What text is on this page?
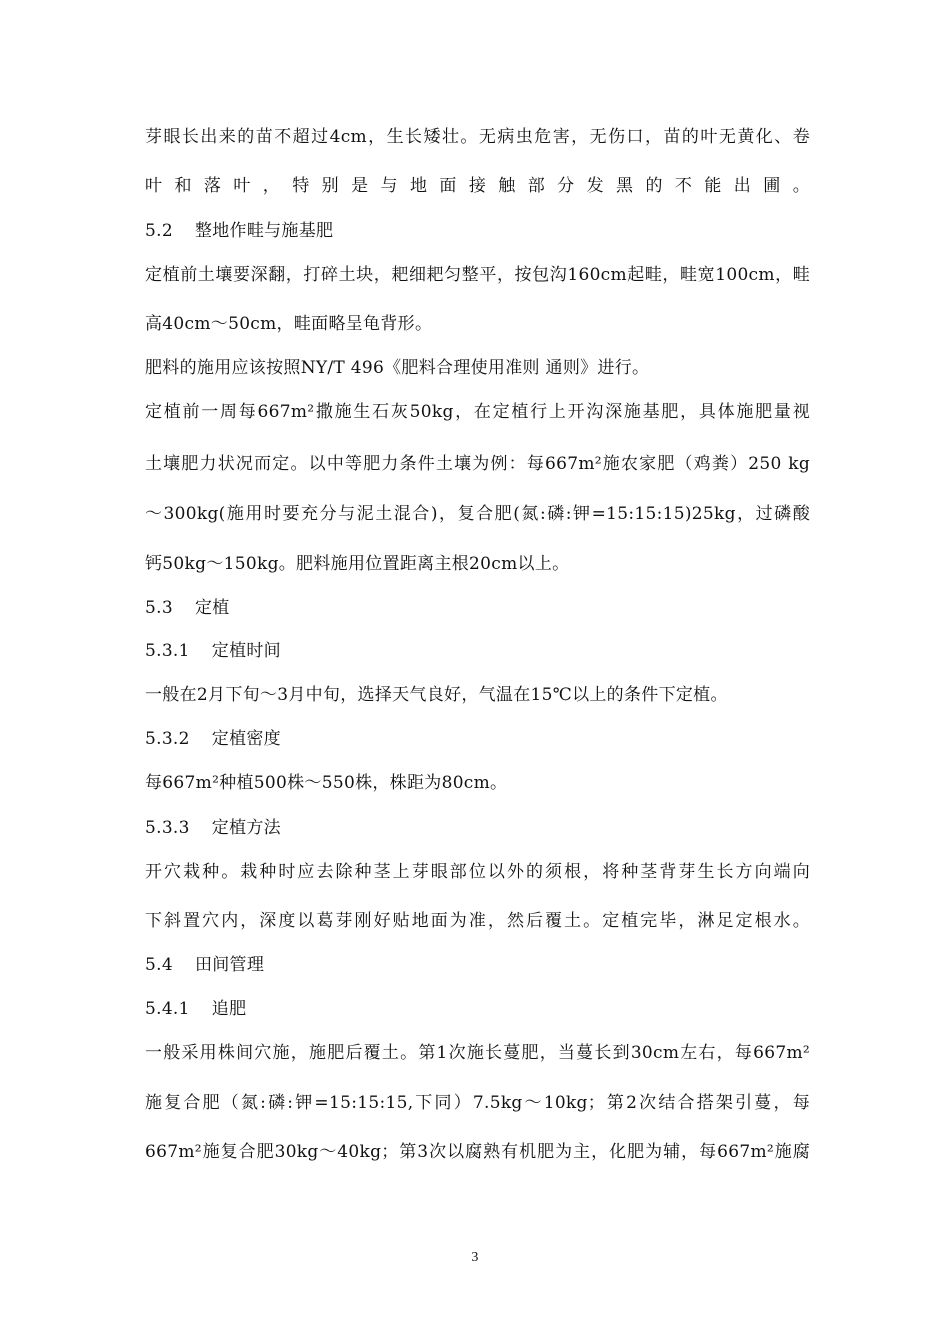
芽眼长出来的苗不超过4cm，生长矮壮。无病虫危害，无伤口，苗的叶无黄化、卷
叶和落叶，特别是与地面接触部分发黑的不能出圃。
5.2 整地作畦与施基肥
定植前土壤要深翻，打碎土块，耙细耙匀整平，按包沟160cm起畦，畦宽100cm，畦
高40cm～50cm，畦面略呈龟背形。
肥料的施用应该按照NY/T 496《肥料合理使用准则 通则》进行。
定植前一周每667m²撒施生石灰50kg，在定植行上开沟深施基肥，具体施肥量视
土壤肥力状况而定。以中等肥力条件土壤为例：每667m²施农家肥（鸡粪）250 kg
～300kg(施用时要充分与泥土混合)，复合肥(氮:磷:钾=15:15:15)25kg，过磷酸
钙50kg～150kg。肥料施用位置距离主根20cm以上。
5.3 定植
5.3.1 定植时间
一般在2月下旬～3月中旬，选择天气良好，气温在15℃以上的条件下定植。
5.3.2 定植密度
每667m²种植500株～550株，株距为80cm。
5.3.3 定植方法
开穴栽种。栽种时应去除种茎上芽眼部位以外的须根，将种茎背芽生长方向端向
下斜置穴内，深度以葛芽刚好贴地面为准，然后覆土。定植完毕，淋足定根水。
5.4 田间管理
5.4.1 追肥
一般采用株间穴施，施肥后覆土。第1次施长蔓肥，当蔓长到30cm左右，每667m²
施复合肥（氮:磷:钾=15:15:15,下同）7.5kg～10kg；第2次结合搭架引蔓，每
667m²施复合肥30kg～40kg；第3次以腐熟有机肥为主，化肥为辅，每667m²施腐
3
